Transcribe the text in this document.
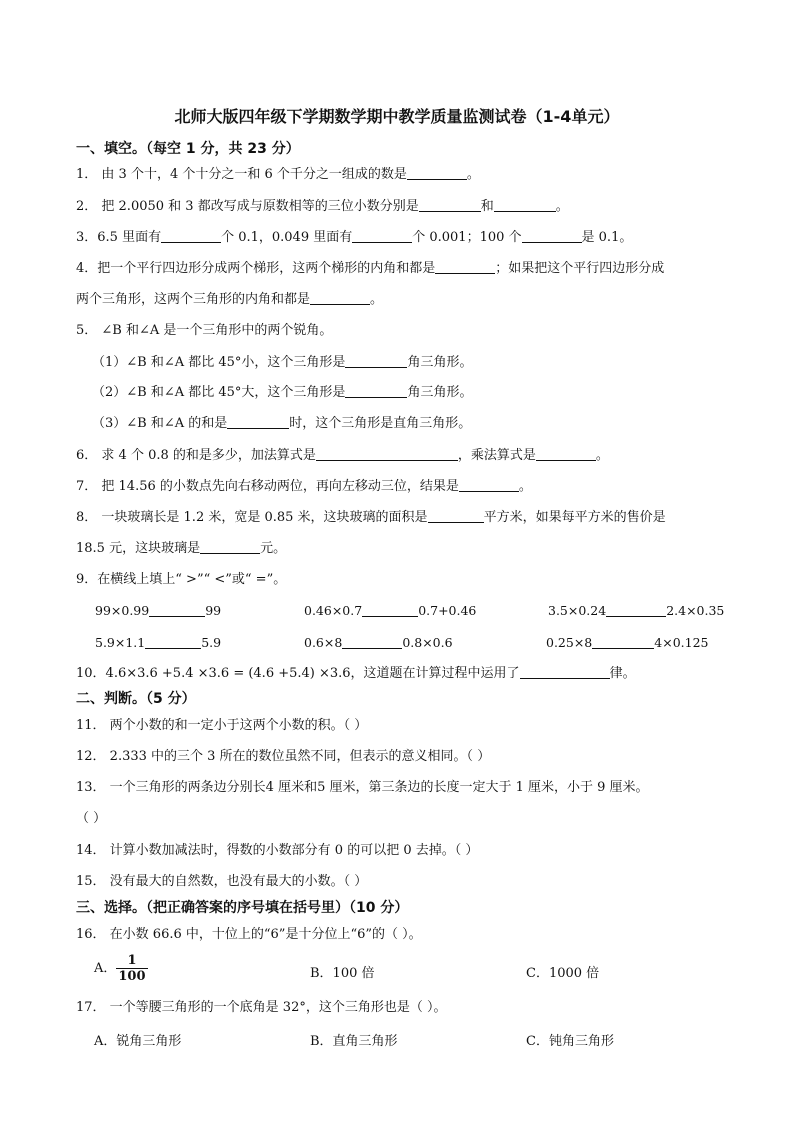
北师大版四年级下学期数学期中教学质量监测试卷（1-4单元）
一、填空。（每空 1 分，共 23 分）
1． 由 3 个十，4 个十分之一和 6 个千分之一组成的数是	。
2． 把 2.0050 和 3 都改写成与原数相等的三位小数分别是	和	。
3．6.5 里面有	个 0.1，0.049 里面有	个 0.001；100 个	是 0.1。
4．把一个平行四边形分成两个梯形，这两个梯形的内角和都是	；如果把这个平行四边形分成
两个三角形，这两个三角形的内角和都是	。
5． ∠B 和∠A 是一个三角形中的两个锐角。
（1）∠B 和∠A 都比 45°小，这个三角形是	角三角形。
（2）∠B 和∠A 都比 45°大，这个三角形是	角三角形。
（3）∠B 和∠A 的和是	时，这个三角形是直角三角形。
6． 求 4 个 0.8 的和是多少，加法算式是	，乘法算式是	。
7． 把 14.56 的小数点先向右移动两位，再向左移动三位，结果是	。
8． 一块玻璃长是 1.2 米，宽是 0.85 米，这块玻璃的面积是	平方米，如果每平方米的售价是
18.5 元，这块玻璃是	元。
9．在横线上填上“ >”“ <”或“ =”。
99×0.99	99	0.46×0.7	0.7+0.46	3.5×0.24	2.4×0.35
5.9×1.1	5.9	0.6×8	0.8×0.6	0.25×8	4×0.125
10．4.6×3.6 +5.4 ×3.6 = (4.6 +5.4) ×3.6，这道题在计算过程中运用了	律。
二、判断。（5 分）
11． 两个小数的和一定小于这两个小数的积。（ ）
12． 2.333 中的三个 3 所在的数位虽然不同，但表示的意义相同。（ ）
13． 一个三角形的两条边分别长4 厘米和5 厘米，第三条边的长度一定大于 1 厘米，小于 9 厘米。
（ ）
14． 计算小数加减法时，得数的小数部分有 0 的可以把 0 去掉。（ ）
15． 没有最大的自然数，也没有最大的小数。（ ）
三、选择。（把正确答案的序号填在括号里）（10 分）
16． 在小数 66.6 中，十位上的“6”是十分位上“6”的（ ）。
A． $\frac{1}{100}$	B．100 倍	C．1000 倍
17． 一个等腰三角形的一个底角是 32°，这个三角形也是（ ）。
A．锐角三角形	B．直角三角形	C．钝角三角形
